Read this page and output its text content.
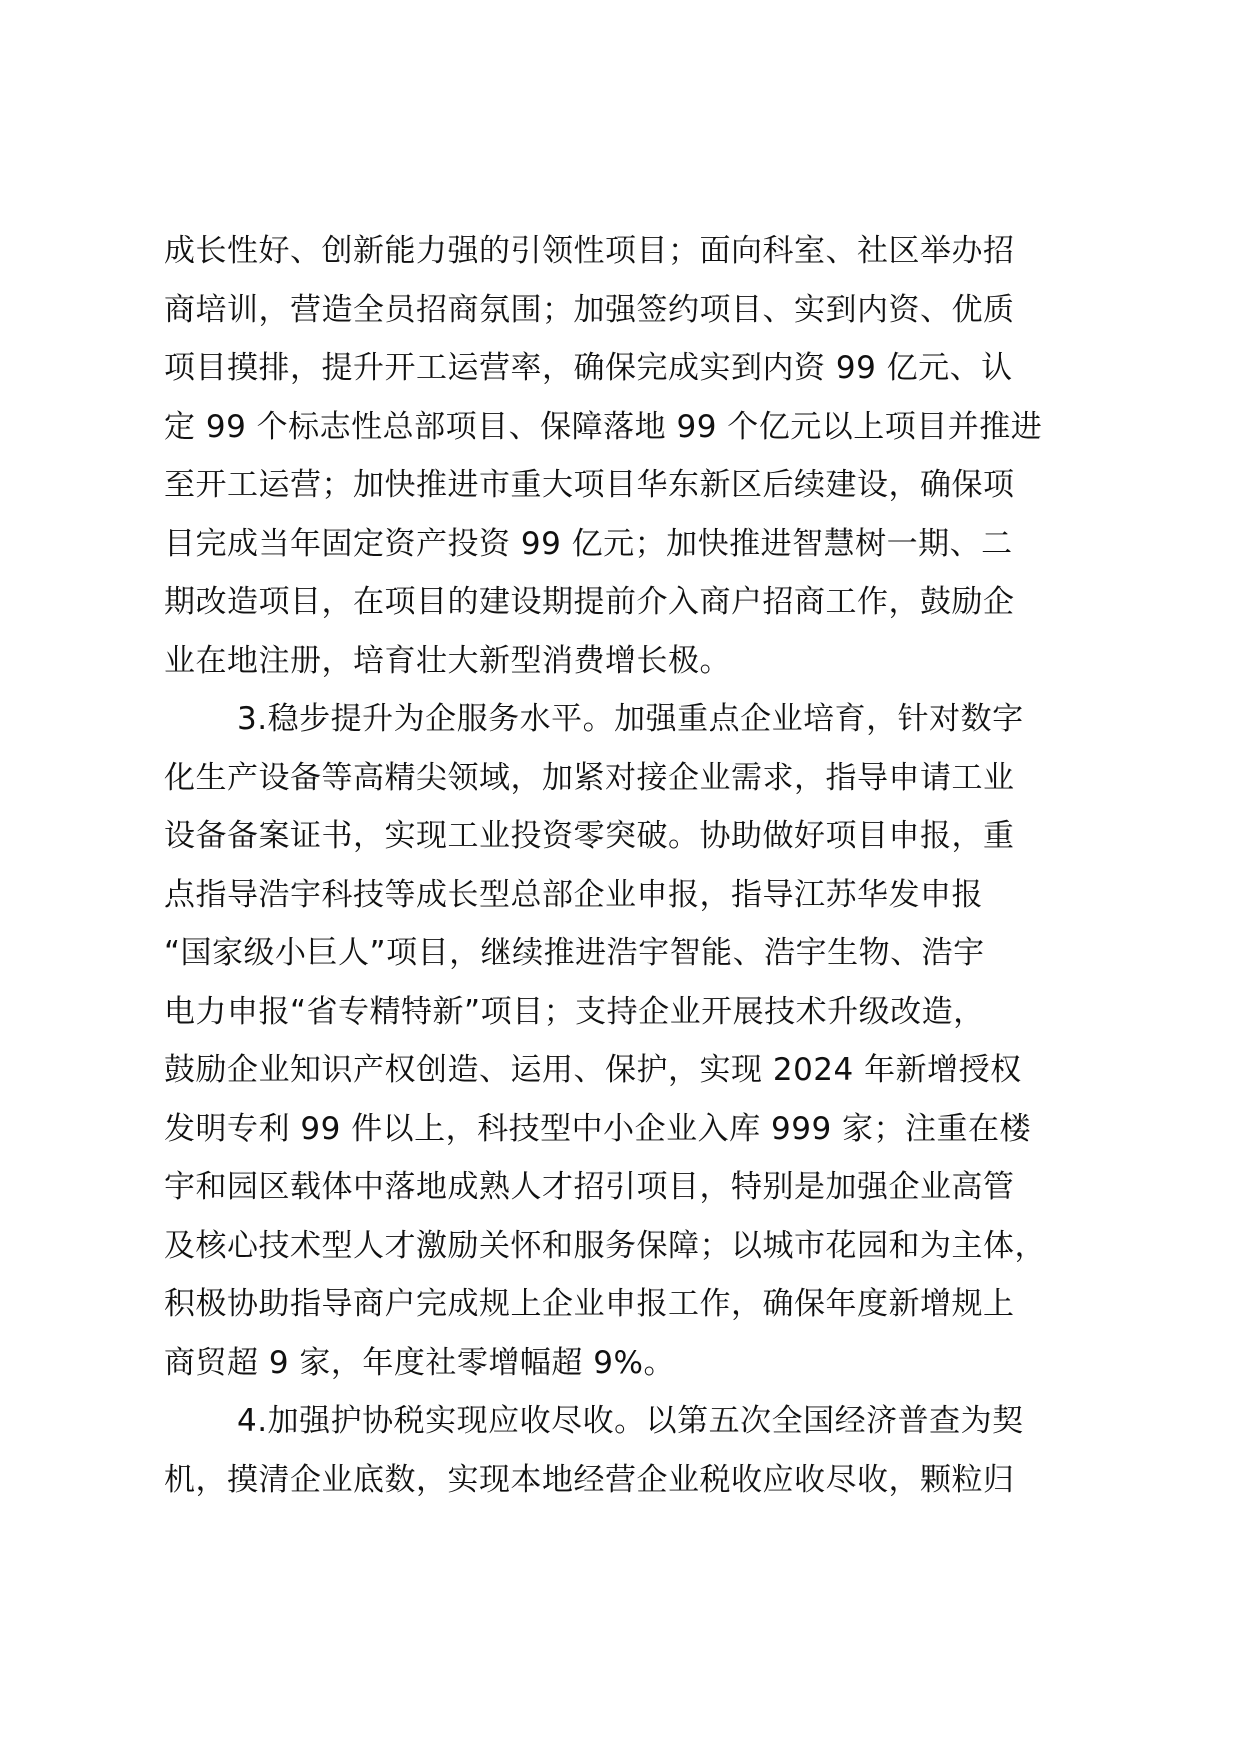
成长性好、创新能力强的引领性项目；面向科室、社区举办招
商培训，营造全员招商氛围；加强签约项目、实到内资、优质
项目摸排，提升开工运营率，确保完成实到内资 99 亿元、认
定 99 个标志性总部项目、保障落地 99 个亿元以上项目并推进
至开工运营；加快推进市重大项目华东新区后续建设，确保项
目完成当年固定资产投资 99 亿元；加快推进智慧树一期、二
期改造项目，在项目的建设期提前介入商户招商工作，鼓励企
业在地注册，培育壮大新型消费增长极。
3.稳步提升为企服务水平。加强重点企业培育，针对数字
化生产设备等高精尖领域，加紧对接企业需求，指导申请工业
设备备案证书，实现工业投资零突破。协助做好项目申报，重
点指导浩宇科技等成长型总部企业申报，指导江苏华发申报
“国家级小巨人”项目，继续推进浩宇智能、浩宇生物、浩宇
电力申报“省专精特新”项目；支持企业开展技术升级改造，
鼓励企业知识产权创造、运用、保护，实现 2024 年新增授权
发明专利 99 件以上，科技型中小企业入库 999 家；注重在楼
宇和园区载体中落地成熟人才招引项目，特别是加强企业高管
及核心技术型人才激励关怀和服务保障；以城市花园和为主体，
积极协助指导商户完成规上企业申报工作，确保年度新增规上
商贸超 9 家，年度社零增幅超 9%。
4.加强护协税实现应收尽收。以第五次全国经济普查为契
机，摸清企业底数，实现本地经营企业税收应收尽收，颗粒归
